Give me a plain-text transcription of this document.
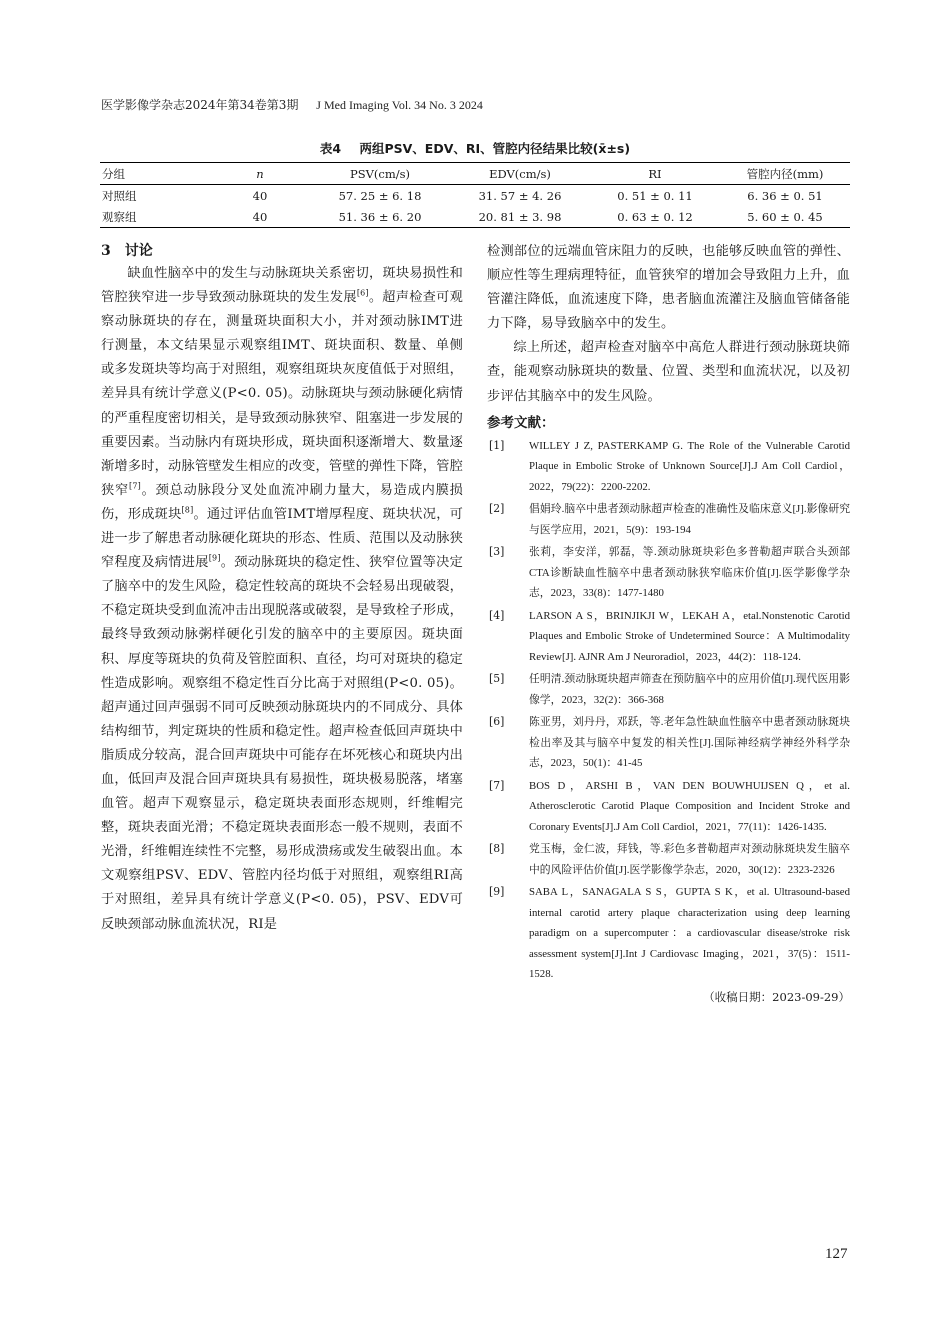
医学影像学杂志2024年第34卷第3期 J Med Imaging Vol. 34 No. 3 2024
表4 两组PSV、EDV、RI、管腔内径结果比较(x̄±s)
分组	n	PSV(cm/s)	EDV(cm/s)	RI	管腔内径(mm)
对照组	40	57. 25 ± 6. 18	31. 57 ± 4. 26	0. 51 ± 0. 11	6. 36 ± 0. 51
观察组	40	51. 36 ± 6. 20	20. 81 ± 3. 98	0. 63 ± 0. 12	5. 60 ± 0. 45
3 讨论

缺血性脑卒中的发生与动脉斑块关系密切，斑块易损性和管腔狭窄进一步导致颈动脉斑块的发生发展[6]。超声检查可观察动脉斑块的存在，测量斑块面积大小，并对颈动脉IMT进行测量，本文结果显示观察组IMT、斑块面积、数量、单侧或多发斑块等均高于对照组，观察组斑块灰度值低于对照组，差异具有统计学意义(P<0. 05)。动脉斑块与颈动脉硬化病情的严重程度密切相关，是导致颈动脉狭窄、阻塞进一步发展的重要因素。当动脉内有斑块形成，斑块面积逐渐增大、数量逐渐增多时，动脉管壁发生相应的改变，管壁的弹性下降，管腔狭窄[7]。颈总动脉段分叉处血流冲刷力量大，易造成内膜损伤，形成斑块[8]。通过评估血管IMT增厚程度、斑块状况，可进一步了解患者动脉硬化斑块的形态、性质、范围以及动脉狭窄程度及病情进展[9]。颈动脉斑块的稳定性、狭窄位置等决定了脑卒中的发生风险，稳定性较高的斑块不会轻易出现破裂，不稳定斑块受到血流冲击出现脱落或破裂，是导致栓子形成，最终导致颈动脉粥样硬化引发的脑卒中的主要原因。斑块面积、厚度等斑块的负荷及管腔面积、直径，均可对斑块的稳定性造成影响。观察组不稳定性百分比高于对照组(P<0. 05)。超声通过回声强弱不同可反映颈动脉斑块内的不同成分、具体结构细节，判定斑块的性质和稳定性。超声检查低回声斑块中脂质成分较高，混合回声斑块中可能存在坏死核心和斑块内出血，低回声及混合回声斑块具有易损性，斑块极易脱落，堵塞血管。超声下观察显示，稳定斑块表面形态规则，纤维帽完整，斑块表面光滑；不稳定斑块表面形态一般不规则，表面不光滑，纤维帽连续性不完整，易形成溃疡或发生破裂出血。本文观察组PSV、EDV、管腔内径均低于对照组，观察组RI高于对照组，差异具有统计学意义(P<0. 05)，PSV、EDV可反映颈部动脉血流状况，RI是

检测部位的远端血管床阻力的反映，也能够反映血管的弹性、顺应性等生理病理特征，血管狭窄的增加会导致阻力上升，血管灌注降低，血流速度下降，患者脑血流灌注及脑血管储备能力下降，易导致脑卒中的发生。

综上所述，超声检查对脑卒中高危人群进行颈动脉斑块筛查，能观察动脉斑块的数量、位置、类型和血流状况，以及初步评估其脑卒中的发生风险。

参考文献：
[1]	WILLEY J Z, PASTERKAMP G. The Role of the Vulnerable Carotid Plaque in Embolic Stroke of Unknown Source[J].J Am Coll Cardiol，2022，79(22)：2200-2202.
[2]	倡娟玲.脑卒中患者颈动脉超声检查的准确性及临床意义[J].影像研究与医学应用，2021，5(9)：193-194
[3]	张莉，李安洋，郭磊，等.颈动脉斑块彩色多普勒超声联合头颈部CTA诊断缺血性脑卒中患者颈动脉狭窄临床价值[J].医学影像学杂志，2023，33(8)：1477-1480
[4]	LARSON A S，BRINJIKJI W，LEKAH A，etal.Nonstenotic Carotid Plaques and Embolic Stroke of Undetermined Source：A Multimodality Review[J]. AJNR Am J Neuroradiol，2023，44(2)：118-124.
[5]	任明清.颈动脉斑块超声筛查在预防脑卒中的应用价值[J].现代医用影像学，2023，32(2)：366-368
[6]	陈亚男，刘丹丹，邓跃，等.老年急性缺血性脑卒中患者颈动脉斑块检出率及其与脑卒中复发的相关性[J].国际神经病学神经外科学杂志，2023，50(1)：41-45
[7]	BOS D，ARSHI B，VAN DEN BOUWHUIJSEN Q，et al. Atherosclerotic Carotid Plaque Composition and Incident Stroke and Coronary Events[J].J Am Coll Cardiol，2021，77(11)：1426-1435.
[8]	党玉梅，金仁波，拜钱，等.彩色多普勒超声对颈动脉斑块发生脑卒中的风险评估价值[J].医学影像学杂志，2020，30(12)：2323-2326
[9]	SABA L，SANAGALA S S，GUPTA S K，et al. Ultrasound-based internal carotid artery plaque characterization using deep learning paradigm on a supercomputer：a cardiovascular disease/stroke risk assessment system[J].Int J Cardiovasc Imaging，2021，37(5)：1511-1528.
（收稿日期：2023-09-29）
127
